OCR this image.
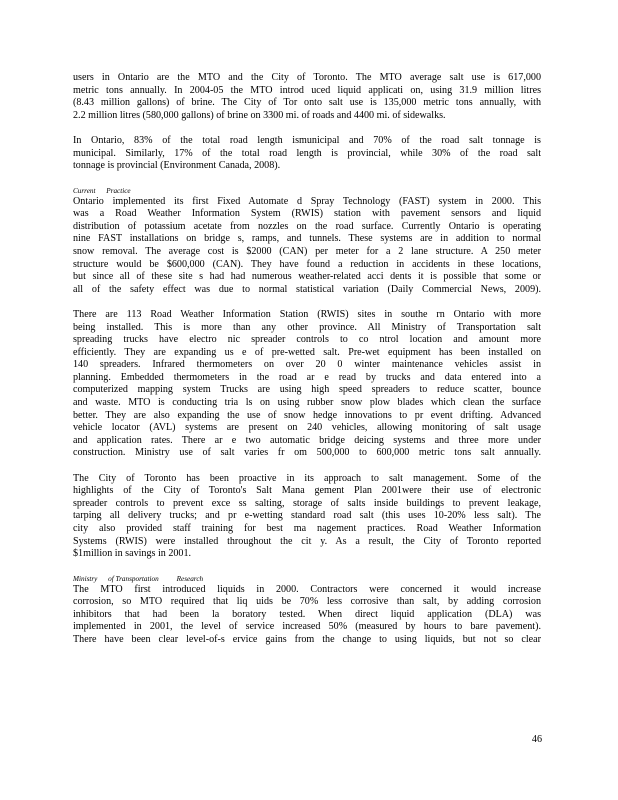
users in Ontario are the MTO and the City of Toronto. The MTO average salt use is 617,000
metric tons annually. In 2004-05 the MTO introd uced liquid applicati on, using 31.9 million litres
(8.43 million gallons) of brine. The City of Tor onto salt use is 135,000 metric tons annually, with
2.2 million litres (580,000 gallons) of brine on 3300 mi. of roads and 4400 mi. of sidewalks.

In Ontario, 83% of the total road length ismunicipal and 70% of the road salt tonnage is
municipal. Similarly, 17% of the total road length is provincial, while 30% of the road salt
tonnage is provincial (Environment Canada, 2008).

Current      Practice

Ontario implemented its first Fixed Automate d Spray Technology (FAST) system in 2000. This
was a Road Weather Information System (RWIS) station with pavement sensors and liquid
distribution of potassium acetate from nozzles on the road surface. Currently Ontario is operating
nine FAST installations on bridge s, ramps, and tunnels. These systems are in addition to normal
snow removal. The average cost is $2000 (CAN) per meter for a 2 lane structure. A 250 meter
structure would be $600,000 (CAN). They have found a reduction in accidents in these locations,
but since all of these site s had had numerous weather-related acci dents it is possible that some or
all of the safety effect was due to normal statistical variation (Daily Commercial News, 2009).

There are 113 Road Weather Information Station (RWIS) sites in southe rn Ontario with more
being installed. This is more than any other province. All Ministry of Transportation salt
spreading trucks have electro nic spreader controls to co ntrol location and amount more
efficiently. They are expanding us e of pre-wetted salt. Pre-wet equipment has been installed on
140 spreaders. Infrared thermometers on over 20 0 winter maintenance vehicles assist in
planning. Embedded thermometers in the road ar e read by trucks and data entered into a
computerized mapping system Trucks are using high speed spreaders to reduce scatter, bounce
and waste. MTO is conducting tria ls on using rubber snow plow blades which clean the surface
better. They are also expanding the use of snow hedge innovations to pr event drifting. Advanced
vehicle locator (AVL) systems are present on 240 vehicles, allowing monitoring of salt usage
and application rates. There ar e two automatic bridge deicing systems and three more under
construction. Ministry use of salt varies fr om 500,000 to 600,000 metric tons salt annually.

The City of Toronto has been proactive in its approach to salt management. Some of the
highlights of the City of Toronto's Salt Mana gement Plan 2001were their use of electronic
spreader controls to prevent exce ss salting, storage of salts inside buildings to prevent leakage,
tarping all delivery trucks; and pr e-wetting standard road salt (this uses 10-20% less salt). The
city also provided staff training for best ma nagement practices. Road Weather Information
Systems (RWIS) were installed throughout the cit y. As a result, the City of Toronto reported
$1million in savings in 2001.

Ministry      of Transportation          Research

The MTO first introduced liquids in 2000. Contractors were concerned it would increase
corrosion, so MTO required that liq uids be 70% less corrosive than salt, by adding corrosion
inhibitors that had been la boratory tested. When direct liquid application (DLA) was
implemented in 2001, the level of service increased 50% (measured by hours to bare pavement).
There have been clear level-of-s ervice gains from the change to using liquids, but not so clear

46
